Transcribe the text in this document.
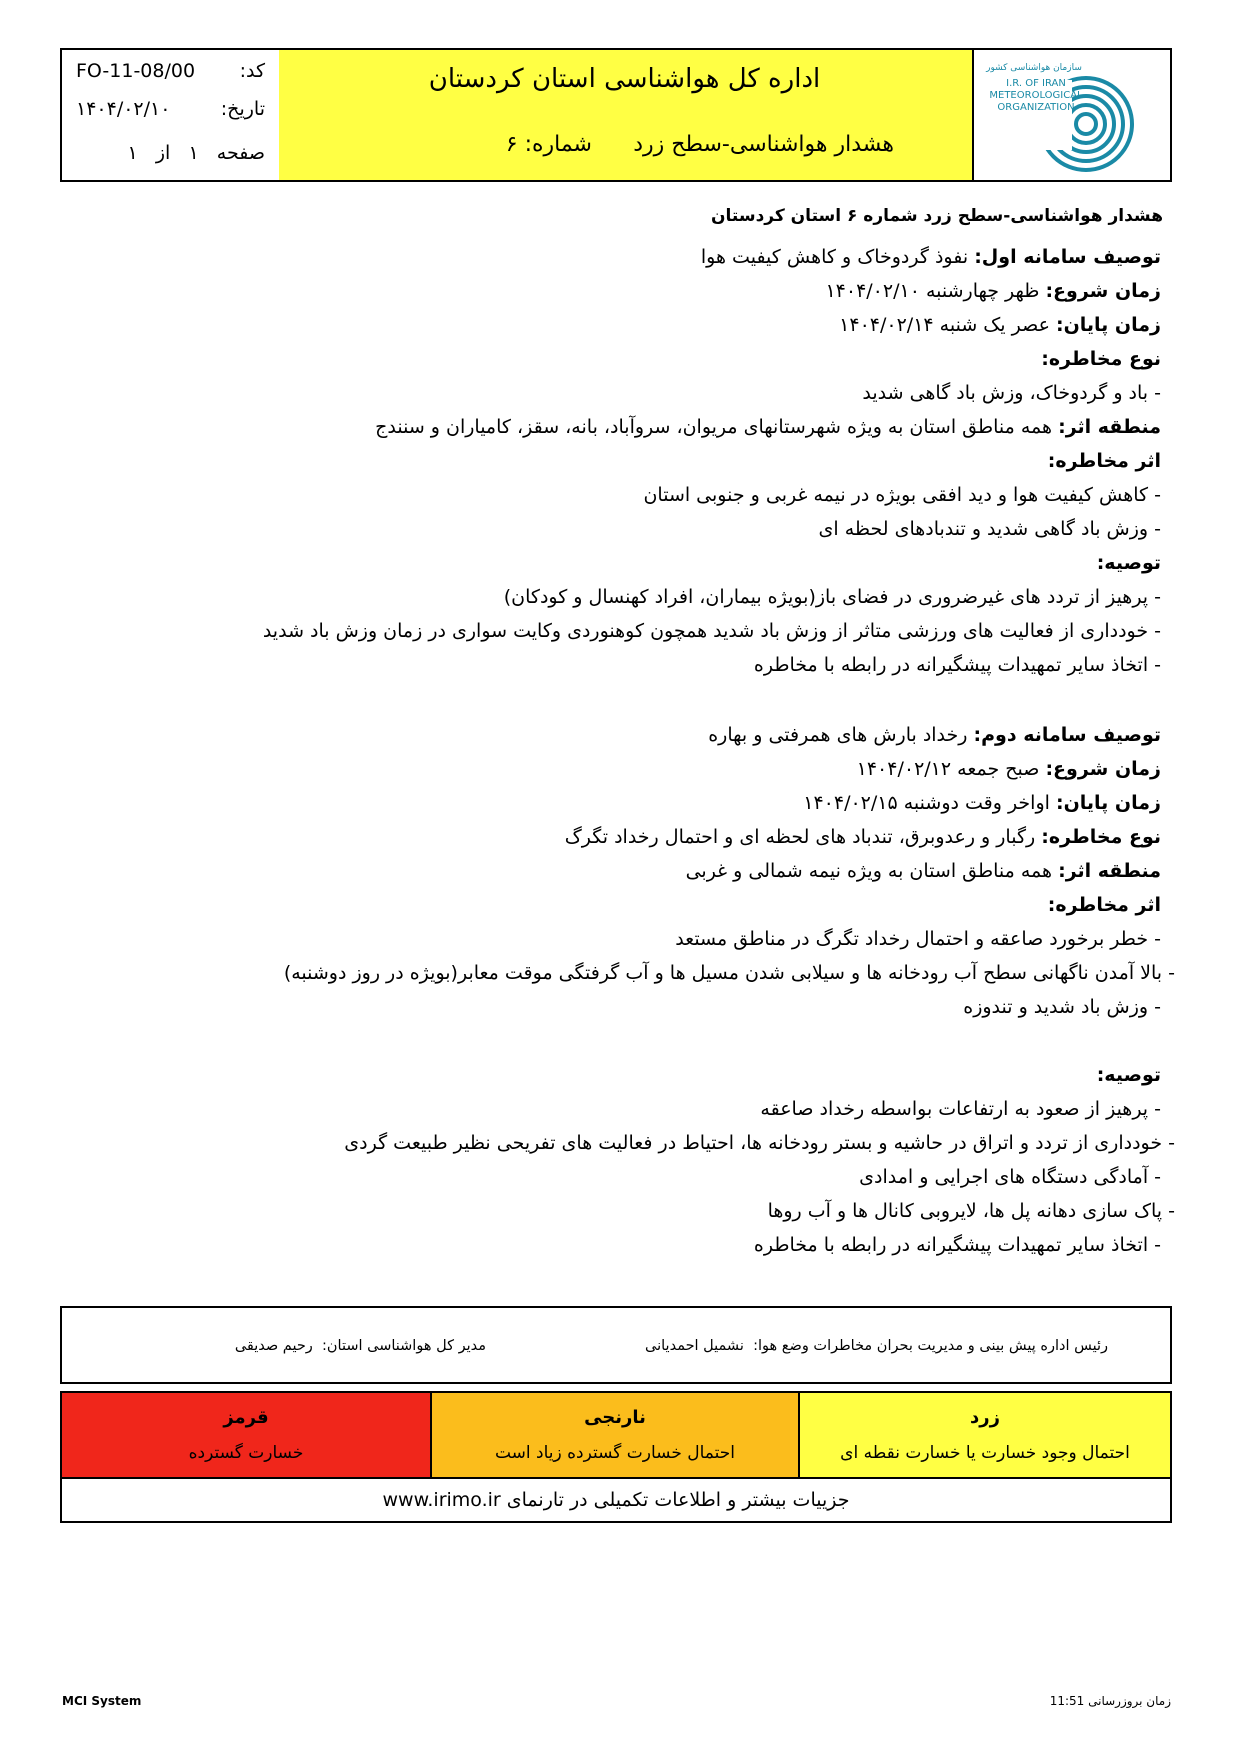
سازمان هواشناسی کشور
I.R. OF IRAN
METEOROLOGICAL
ORGANIZATION
اداره کل هواشناسی استان کردستان
هشدار هواشناسی-سطح زرد
شماره: ۶
کد:
FO-11-08/00
تاریخ:
۱۴۰۴/۰۲/۱۰
صفحه   ۱   از   ۱
هشدار هواشناسی-سطح زرد شماره ۶ استان کردستان
توصیف سامانه اول: نفوذ گردوخاک و کاهش کیفیت هوا
زمان شروع: ظهر چهارشنبه ۱۴۰۴/۰۲/۱۰
زمان پایان: عصر یک شنبه ۱۴۰۴/۰۲/۱۴
نوع مخاطره:
- باد و گردوخاک، وزش باد گاهی شدید
منطقه اثر: همه مناطق استان به ویژه شهرستانهای مریوان، سروآباد، بانه، سقز، کامیاران و سنندج
اثر مخاطره:
- کاهش کیفیت هوا و دید افقی بویژه در نیمه غربی و جنوبی استان
- وزش باد گاهی شدید و تندبادهای لحظه ای
توصیه:
- پرهیز از تردد های غیرضروری در فضای باز(بویژه بیماران، افراد کهنسال و کودکان)
- خودداری از فعالیت های ورزشی متاثر از وزش باد شدید همچون کوهنوردی وکایت سواری در زمان وزش باد شدید
- اتخاذ سایر تمهیدات پیشگیرانه در رابطه با مخاطره
توصیف سامانه دوم: رخداد بارش های همرفتی و بهاره
زمان شروع: صبح جمعه ۱۴۰۴/۰۲/۱۲
زمان پایان: اواخر وقت دوشنبه ۱۴۰۴/۰۲/۱۵
نوع مخاطره: رگبار و رعدوبرق، تندباد های لحظه ای و احتمال رخداد تگرگ
منطقه اثر: همه مناطق استان به ویژه نیمه شمالی و غربی
اثر مخاطره:
- خطر برخورد صاعقه و احتمال رخداد تگرگ در مناطق مستعد
- بالا آمدن ناگهانی سطح آب رودخانه ها و سیلابی شدن مسیل ها و آب گرفتگی موقت معابر(بویژه در روز دوشنبه)
- وزش باد شدید و تندوزه
توصیه:
- پرهیز از صعود به ارتفاعات بواسطه رخداد صاعقه
- خودداری از تردد و اتراق در حاشیه و بستر رودخانه ها، احتیاط در فعالیت های تفریحی نظیر طبیعت گردی
- آمادگی دستگاه های اجرایی و امدادی
- پاک سازی دهانه پل ها، لایروبی کانال ها و آب روها
- اتخاذ سایر تمهیدات پیشگیرانه در رابطه با مخاطره
رئیس اداره پیش بینی و مدیریت بحران مخاطرات وضع هوا:  نشمیل احمدیانی
مدیر کل هواشناسی استان:  رحیم صدیقی
زرد
احتمال وجود خسارت یا خسارت نقطه ای
نارنجی
احتمال خسارت گسترده زیاد است
قرمز
خسارت گسترده
جزییات بیشتر و اطلاعات تکمیلی در تارنمای www.irimo.ir
MCI System	زمان بروزرسانی 11:51
